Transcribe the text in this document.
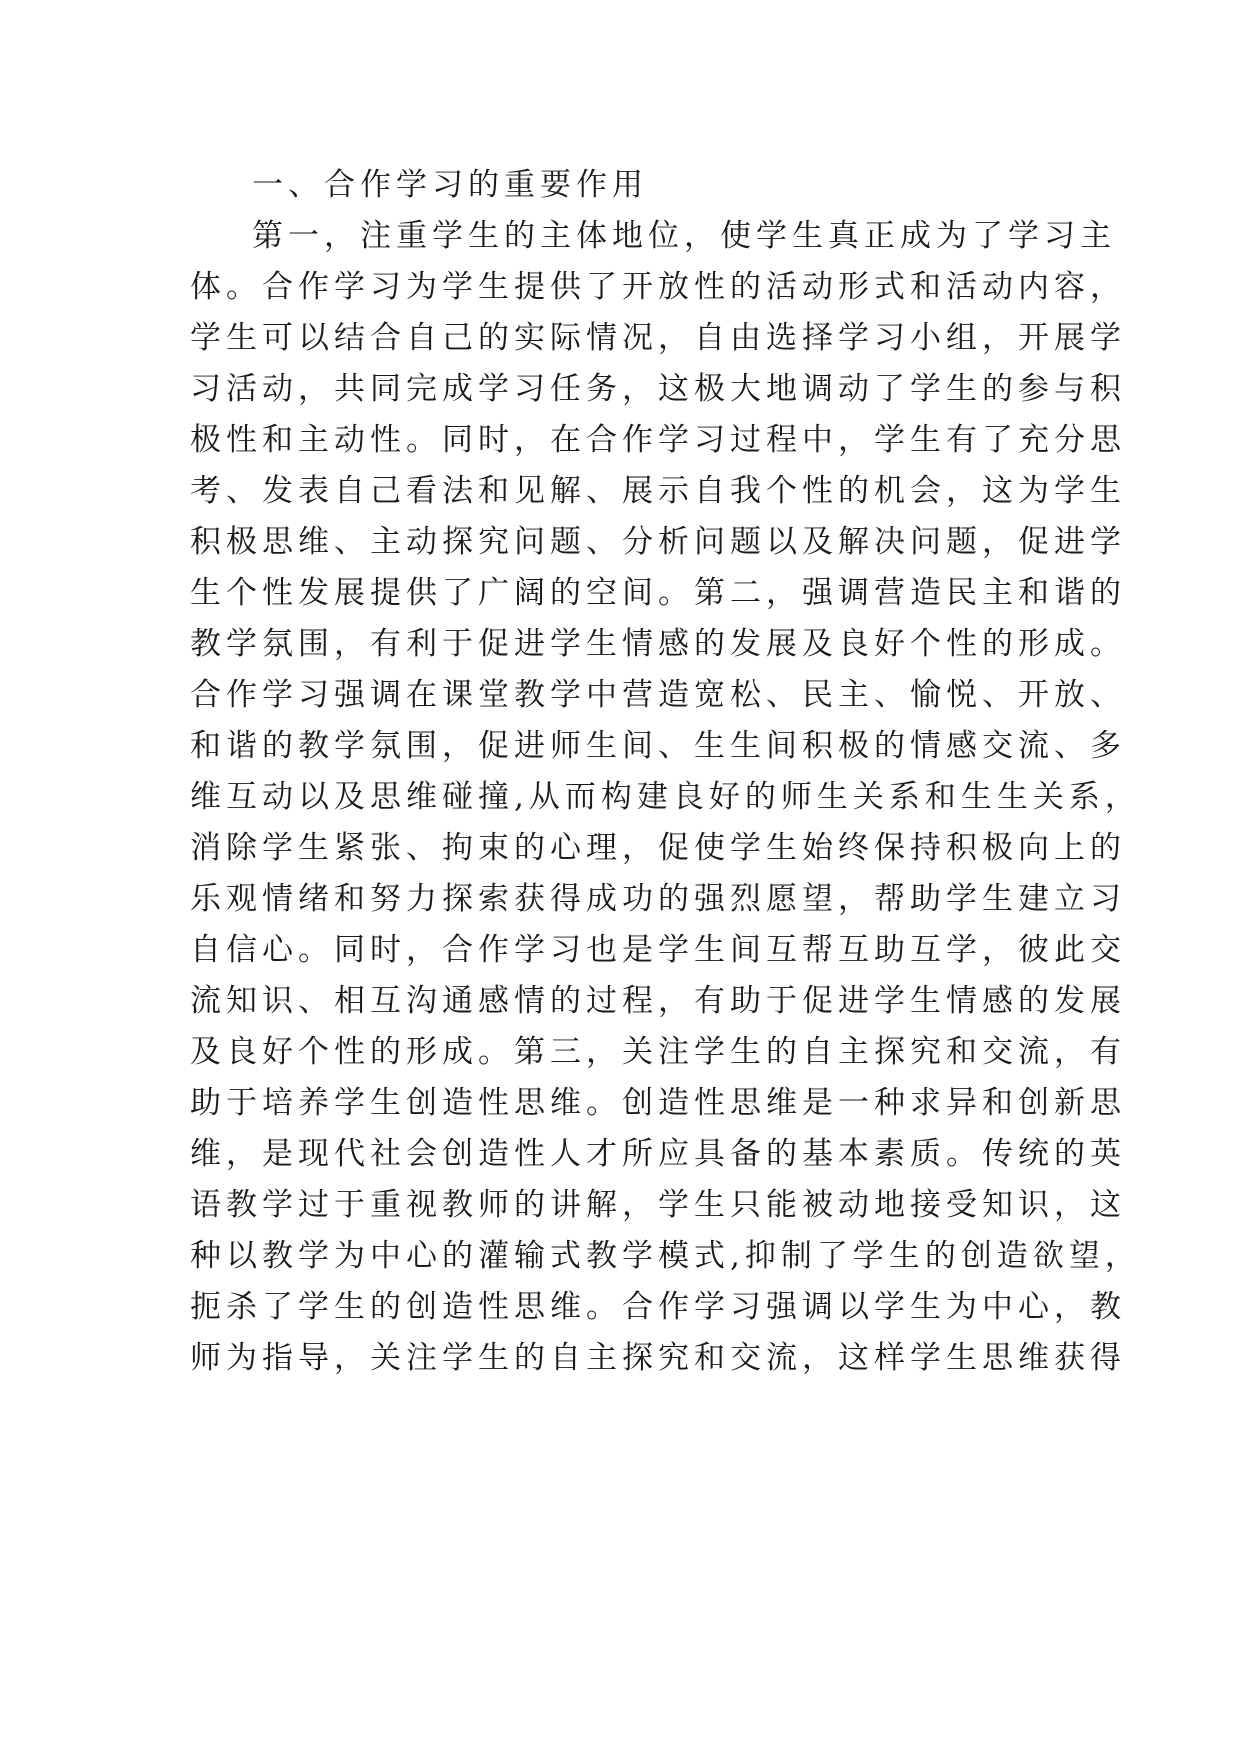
一、合作学习的重要作用
第一，注重学生的主体地位，使学生真正成为了学习主
体。合作学习为学生提供了开放性的活动形式和活动内容，
学生可以结合自己的实际情况，自由选择学习小组，开展学
习活动，共同完成学习任务，这极大地调动了学生的参与积
极性和主动性。同时，在合作学习过程中，学生有了充分思
考、发表自己看法和见解、展示自我个性的机会，这为学生
积极思维、主动探究问题、分析问题以及解决问题，促进学
生个性发展提供了广阔的空间。第二，强调营造民主和谐的
教学氛围，有利于促进学生情感的发展及良好个性的形成。
合作学习强调在课堂教学中营造宽松、民主、愉悦、开放、
和谐的教学氛围，促进师生间、生生间积极的情感交流、多
维互动以及思维碰撞,从而构建良好的师生关系和生生关系，
消除学生紧张、拘束的心理，促使学生始终保持积极向上的
乐观情绪和努力探索获得成功的强烈愿望，帮助学生建立习
自信心。同时，合作学习也是学生间互帮互助互学，彼此交
流知识、相互沟通感情的过程，有助于促进学生情感的发展
及良好个性的形成。第三，关注学生的自主探究和交流，有
助于培养学生创造性思维。创造性思维是一种求异和创新思
维，是现代社会创造性人才所应具备的基本素质。传统的英
语教学过于重视教师的讲解，学生只能被动地接受知识，这
种以教学为中心的灌输式教学模式,抑制了学生的创造欲望，
扼杀了学生的创造性思维。合作学习强调以学生为中心，教
师为指导，关注学生的自主探究和交流，这样学生思维获得
